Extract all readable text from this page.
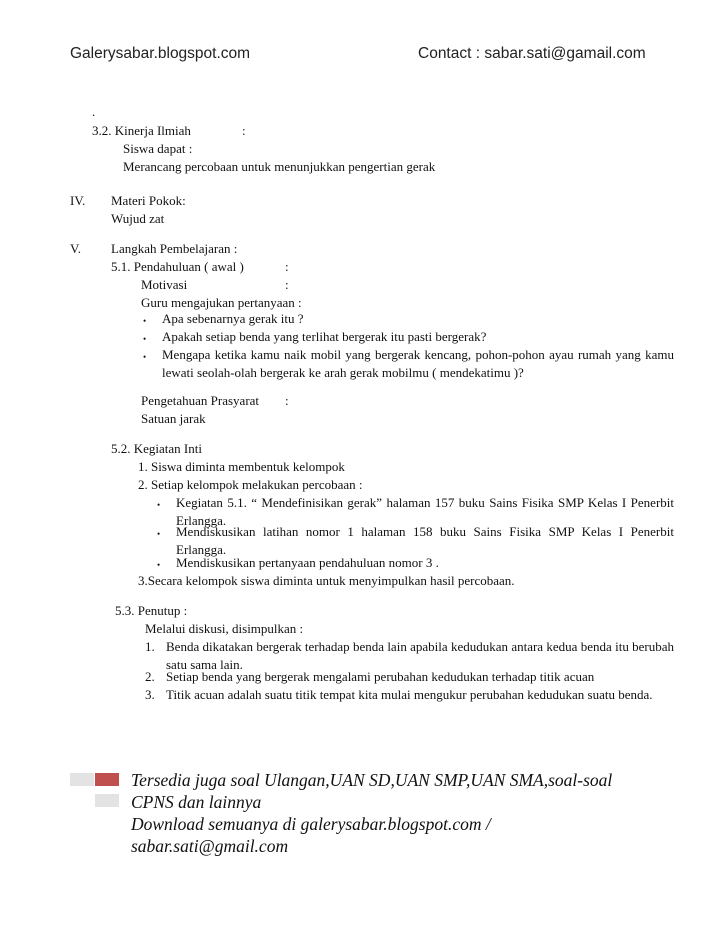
Galerysabar.blogspot.com	Contact : sabar.sati@gamail.com
.
3.2. Kinerja Ilmiah	:
Siswa dapat :
Merancang percobaan untuk menunjukkan pengertian gerak
IV. Materi Pokok:
Wujud zat
V. Langkah Pembelajaran :
5.1. Pendahuluan ( awal )	:
Motivasi	:
Guru mengajukan pertanyaan :
• Apa sebenarnya gerak itu ?
• Apakah setiap benda yang terlihat bergerak itu pasti bergerak?
• Mengapa ketika kamu naik mobil yang bergerak kencang, pohon-pohon ayau rumah yang kamu lewati seolah-olah bergerak ke arah gerak mobilmu ( mendekatimu )?
Pengetahuan Prasyarat :
Satuan jarak
5.2. Kegiatan Inti
1. Siswa diminta membentuk kelompok
2. Setiap kelompok melakukan percobaan :
• Kegiatan 5.1. “ Mendefinisikan gerak” halaman 157 buku Sains Fisika SMP Kelas I Penerbit Erlangga.
• Mendiskusikan latihan nomor 1 halaman 158 buku Sains Fisika SMP Kelas I Penerbit Erlangga.
• Mendiskusikan pertanyaan pendahuluan nomor 3 .
3.Secara kelompok siswa diminta untuk menyimpulkan hasil percobaan.
5.3. Penutup :
Melalui diskusi, disimpulkan :
1. Benda dikatakan bergerak terhadap benda lain apabila kedudukan antara kedua benda itu berubah satu sama lain.
2. Setiap benda yang bergerak mengalami perubahan kedudukan terhadap titik acuan
3. Titik acuan adalah suatu titik tempat kita mulai mengukur perubahan kedudukan suatu benda.
Tersedia juga soal Ulangan,UAN SD,UAN SMP,UAN SMA,soal-soal
CPNS dan lainnya
Download semuanya di galerysabar.blogspot.com /
sabar.sati@gmail.com
